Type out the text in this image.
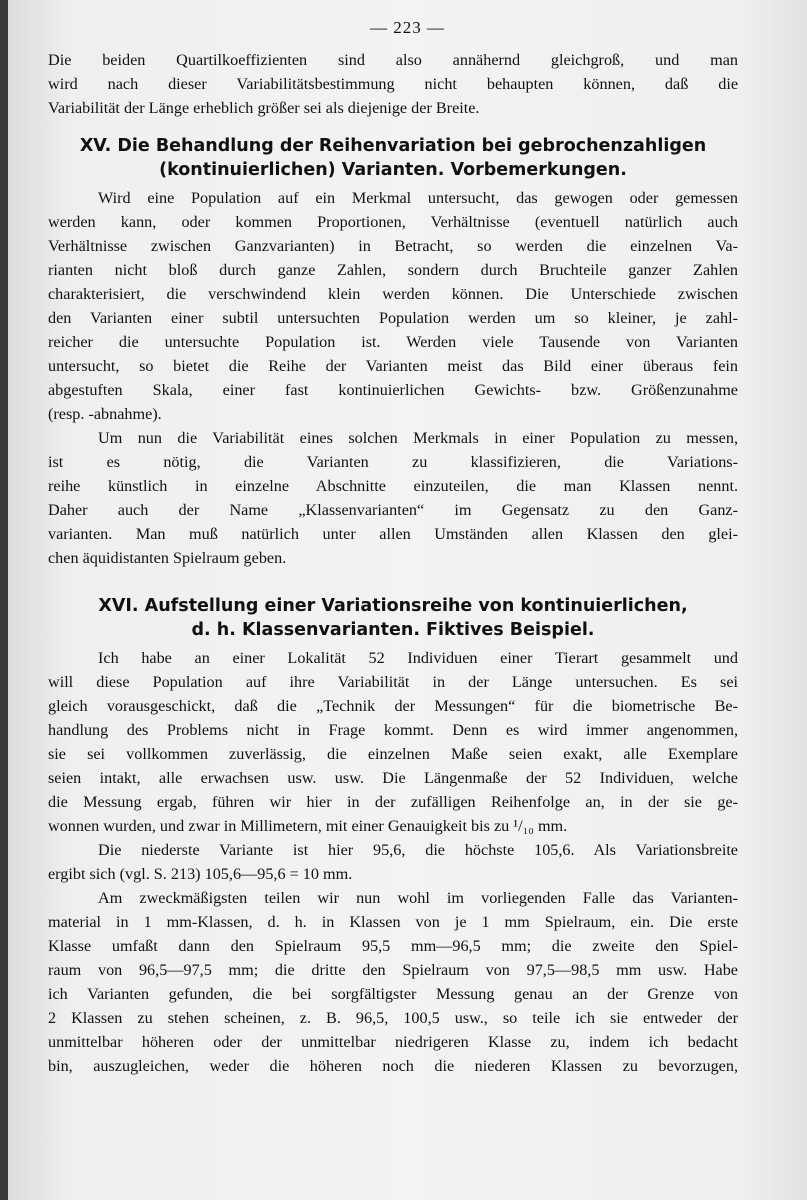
— 223 —
Die beiden Quartilkoeffizienten sind also annähernd gleichgroß, und man
wird nach dieser Variabilitätsbestimmung nicht behaupten können, daß die
Variabilität der Länge erheblich größer sei als diejenige der Breite.
XV. Die Behandlung der Reihenvariation bei gebrochenzahligen
(kontinuierlichen) Varianten. Vorbemerkungen.
Wird eine Population auf ein Merkmal untersucht, das gewogen oder gemessen
werden kann, oder kommen Proportionen, Verhältnisse (eventuell natürlich auch
Verhältnisse zwischen Ganzvarianten) in Betracht, so werden die einzelnen Va-
rianten nicht bloß durch ganze Zahlen, sondern durch Bruchteile ganzer Zahlen
charakterisiert, die verschwindend klein werden können. Die Unterschiede zwischen
den Varianten einer subtil untersuchten Population werden um so kleiner, je zahl-
reicher die untersuchte Population ist. Werden viele Tausende von Varianten
untersucht, so bietet die Reihe der Varianten meist das Bild einer überaus fein
abgestuften Skala, einer fast kontinuierlichen Gewichts- bzw. Größenzunahme
(resp. -abnahme).
Um nun die Variabilität eines solchen Merkmals in einer Population zu messen,
ist es nötig, die Varianten zu klassifizieren, die Variations-
reihe künstlich in einzelne Abschnitte einzuteilen, die man Klassen nennt.
Daher auch der Name „Klassenvarianten“ im Gegensatz zu den Ganz-
varianten. Man muß natürlich unter allen Umständen allen Klassen den glei-
chen äquidistanten Spielraum geben.
XVI. Aufstellung einer Variationsreihe von kontinuierlichen,
d. h. Klassenvarianten. Fiktives Beispiel.
Ich habe an einer Lokalität 52 Individuen einer Tierart gesammelt und
will diese Population auf ihre Variabilität in der Länge untersuchen. Es sei
gleich vorausgeschickt, daß die „Technik der Messungen“ für die biometrische Be-
handlung des Problems nicht in Frage kommt. Denn es wird immer angenommen,
sie sei vollkommen zuverlässig, die einzelnen Maße seien exakt, alle Exemplare
seien intakt, alle erwachsen usw. usw. Die Längenmaße der 52 Individuen, welche
die Messung ergab, führen wir hier in der zufälligen Reihenfolge an, in der sie ge-
wonnen wurden, und zwar in Millimetern, mit einer Genauigkeit bis zu ¹/₁₀ mm.
Die niederste Variante ist hier 95,6, die höchste 105,6. Als Variationsbreite
ergibt sich (vgl. S. 213) 105,6—95,6 = 10 mm.
Am zweckmäßigsten teilen wir nun wohl im vorliegenden Falle das Varianten-
material in 1 mm-Klassen, d. h. in Klassen von je 1 mm Spielraum, ein. Die erste
Klasse umfaßt dann den Spielraum 95,5 mm—96,5 mm; die zweite den Spiel-
raum von 96,5—97,5 mm; die dritte den Spielraum von 97,5—98,5 mm usw. Habe
ich Varianten gefunden, die bei sorgfältigster Messung genau an der Grenze von
2 Klassen zu stehen scheinen, z. B. 96,5, 100,5 usw., so teile ich sie entweder der
unmittelbar höheren oder der unmittelbar niedrigeren Klasse zu, indem ich bedacht
bin, auszugleichen, weder die höheren noch die niederen Klassen zu bevorzugen,
